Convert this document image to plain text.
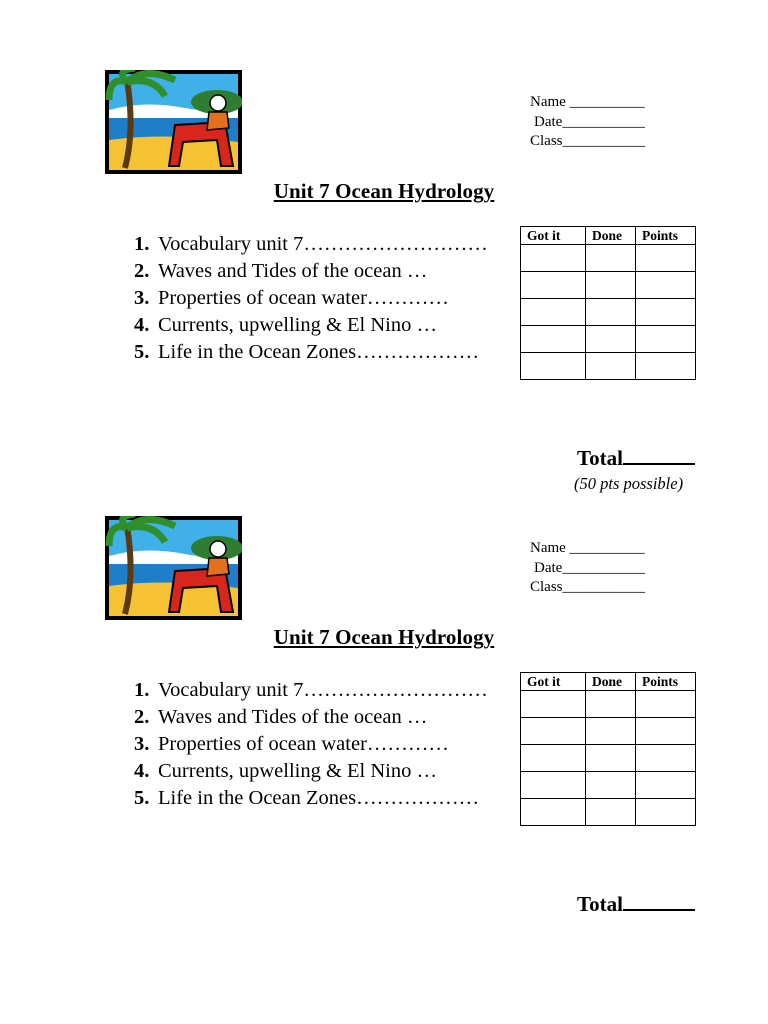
Name __________
Date___________
Class___________
Unit 7 Ocean Hydrology
1. Vocabulary unit 7………………………
2. Waves and Tides of the ocean …
3. Properties of ocean water…………
4. Currents, upwelling & El Nino …
5. Life in the Ocean Zones………………
Got it	Done	Points

Total
(50 pts possible)
Name __________
Date___________
Class___________
Unit 7 Ocean Hydrology
1. Vocabulary unit 7………………………
2. Waves and Tides of the ocean …
3. Properties of ocean water…………
4. Currents, upwelling & El Nino …
5. Life in the Ocean Zones………………
Got it	Done	Points

Total
